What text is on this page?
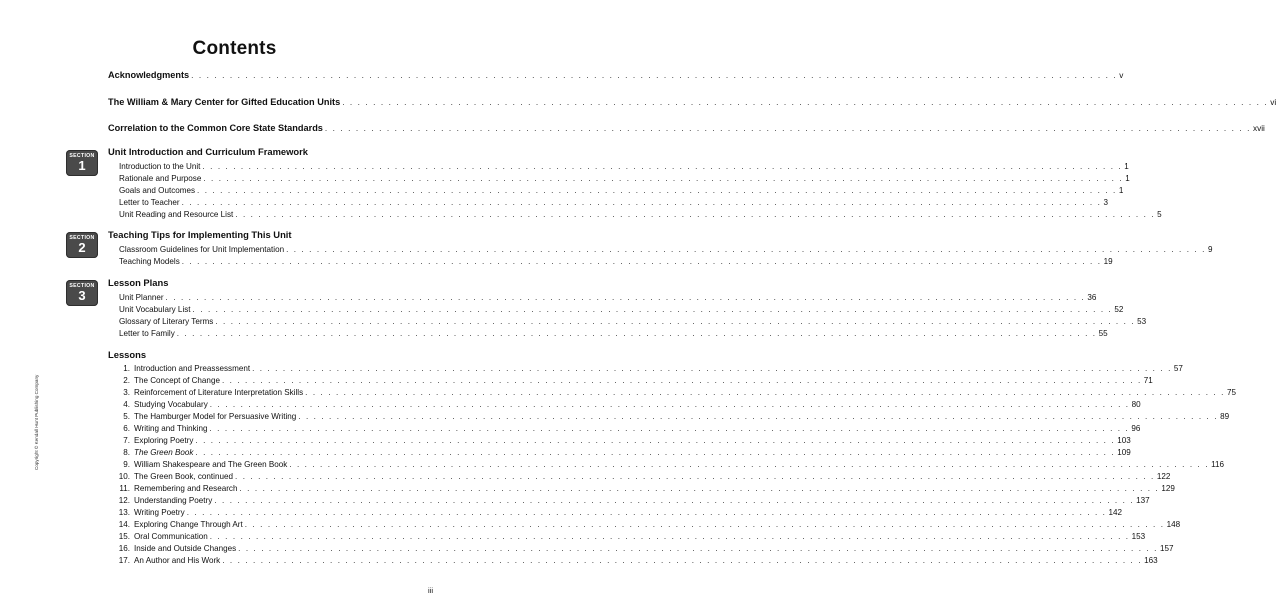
Contents
Acknowledgments . . . . . . . . . . . . . . . . . . . . . . . . . . . . . . . . . . . . . . . . . . . . . . . . . . . . . . . . . . . . . . . . . . . . . . . . . . . . . . . . . . . . . . . . . . . . . . . . . . . . . . . . . . . . . . . . . . . . . . . . v
The William & Mary Center for Gifted Education Units . . . . . . . . . . . . . . . . . . . . . . . . . . . . . . . . . . . . . . . . . . . . . . . . . . . . . . . . . . . . . . . . . . . . . . . . . . . . . . . . . . . . . . . . . . . . . . . . . . . . . . . . . . . . . . . . . . . . . . . . vi
Correlation to the Common Core State Standards . . . . . . . . . . . . . . . . . . . . . . . . . . . . . . . . . . . . . . . . . . . . . . . . . . . . . . . . . . . . . . . . . . . . . . . . . . . . . . . . . . . . . . . . . . . . . . . . . . . . . . . . . . . . . . . . . . . . . . . . xvii
SECTION
1
Unit Introduction and Curriculum Framework
Introduction to the Unit . . . . . . . . . . . . . . . . . . . . . . . . . . . . . . . . . . . . . . . . . . . . . . . . . . . . . . . . . . . . . . . . . . . . . . . . . . . . . . . . . . . . . . . . . . . . . . . . . . . . . . . . . . . . . . . . . . . . . . . . 1
Rationale and Purpose . . . . . . . . . . . . . . . . . . . . . . . . . . . . . . . . . . . . . . . . . . . . . . . . . . . . . . . . . . . . . . . . . . . . . . . . . . . . . . . . . . . . . . . . . . . . . . . . . . . . . . . . . . . . . . . . . . . . . . . . 1
Goals and Outcomes . . . . . . . . . . . . . . . . . . . . . . . . . . . . . . . . . . . . . . . . . . . . . . . . . . . . . . . . . . . . . . . . . . . . . . . . . . . . . . . . . . . . . . . . . . . . . . . . . . . . . . . . . . . . . . . . . . . . . . . . 1
Letter to Teacher . . . . . . . . . . . . . . . . . . . . . . . . . . . . . . . . . . . . . . . . . . . . . . . . . . . . . . . . . . . . . . . . . . . . . . . . . . . . . . . . . . . . . . . . . . . . . . . . . . . . . . . . . . . . . . . . . . . . . . . . 3
Unit Reading and Resource List . . . . . . . . . . . . . . . . . . . . . . . . . . . . . . . . . . . . . . . . . . . . . . . . . . . . . . . . . . . . . . . . . . . . . . . . . . . . . . . . . . . . . . . . . . . . . . . . . . . . . . . . . . . . . . . . . . . . . . . . 5
SECTION
2
Teaching Tips for Implementing This Unit
Classroom Guidelines for Unit Implementation . . . . . . . . . . . . . . . . . . . . . . . . . . . . . . . . . . . . . . . . . . . . . . . . . . . . . . . . . . . . . . . . . . . . . . . . . . . . . . . . . . . . . . . . . . . . . . . . . . . . . . . . . . . . . . . . . . . . . . . . 9
Teaching Models . . . . . . . . . . . . . . . . . . . . . . . . . . . . . . . . . . . . . . . . . . . . . . . . . . . . . . . . . . . . . . . . . . . . . . . . . . . . . . . . . . . . . . . . . . . . . . . . . . . . . . . . . . . . . . . . . . . . . . . . 19
SECTION
3
Lesson Plans
Unit Planner . . . . . . . . . . . . . . . . . . . . . . . . . . . . . . . . . . . . . . . . . . . . . . . . . . . . . . . . . . . . . . . . . . . . . . . . . . . . . . . . . . . . . . . . . . . . . . . . . . . . . . . . . . . . . . . . . . . . . . . . 36
Unit Vocabulary List . . . . . . . . . . . . . . . . . . . . . . . . . . . . . . . . . . . . . . . . . . . . . . . . . . . . . . . . . . . . . . . . . . . . . . . . . . . . . . . . . . . . . . . . . . . . . . . . . . . . . . . . . . . . . . . . . . . . . . . . 52
Glossary of Literary Terms . . . . . . . . . . . . . . . . . . . . . . . . . . . . . . . . . . . . . . . . . . . . . . . . . . . . . . . . . . . . . . . . . . . . . . . . . . . . . . . . . . . . . . . . . . . . . . . . . . . . . . . . . . . . . . . . . . . . . . . . 53
Letter to Family . . . . . . . . . . . . . . . . . . . . . . . . . . . . . . . . . . . . . . . . . . . . . . . . . . . . . . . . . . . . . . . . . . . . . . . . . . . . . . . . . . . . . . . . . . . . . . . . . . . . . . . . . . . . . . . . . . . . . . . . 55
Lessons
1. Introduction and Preassessment . . . . . . . . . . . . . . . . . . . . . . . . . . . . . . . . . . . . . . . . . . . . . . . . . . . . . . . . . . . . . . . . . . . . . . . . . . . . . . . . . . . . . . . . . . . . . . . . . . . . . . . . . . . . . . . . . . . . . . . . 57
2. The Concept of Change . . . . . . . . . . . . . . . . . . . . . . . . . . . . . . . . . . . . . . . . . . . . . . . . . . . . . . . . . . . . . . . . . . . . . . . . . . . . . . . . . . . . . . . . . . . . . . . . . . . . . . . . . . . . . . . . . . . . . . . . 71
3. Reinforcement of Literature Interpretation Skills . . . . . . . . . . . . . . . . . . . . . . . . . . . . . . . . . . . . . . . . . . . . . . . . . . . . . . . . . . . . . . . . . . . . . . . . . . . . . . . . . . . . . . . . . . . . . . . . . . . . . . . . . . . . . . . . . . . . . . . . 75
4. Studying Vocabulary . . . . . . . . . . . . . . . . . . . . . . . . . . . . . . . . . . . . . . . . . . . . . . . . . . . . . . . . . . . . . . . . . . . . . . . . . . . . . . . . . . . . . . . . . . . . . . . . . . . . . . . . . . . . . . . . . . . . . . . . 80
5. The Hamburger Model for Persuasive Writing . . . . . . . . . . . . . . . . . . . . . . . . . . . . . . . . . . . . . . . . . . . . . . . . . . . . . . . . . . . . . . . . . . . . . . . . . . . . . . . . . . . . . . . . . . . . . . . . . . . . . . . . . . . . . . . . . . . . . . . . 89
6. Writing and Thinking . . . . . . . . . . . . . . . . . . . . . . . . . . . . . . . . . . . . . . . . . . . . . . . . . . . . . . . . . . . . . . . . . . . . . . . . . . . . . . . . . . . . . . . . . . . . . . . . . . . . . . . . . . . . . . . . . . . . . . . . 96
7. Exploring Poetry . . . . . . . . . . . . . . . . . . . . . . . . . . . . . . . . . . . . . . . . . . . . . . . . . . . . . . . . . . . . . . . . . . . . . . . . . . . . . . . . . . . . . . . . . . . . . . . . . . . . . . . . . . . . . . . . . . . . . . . . 103
8. The Green Book . . . . . . . . . . . . . . . . . . . . . . . . . . . . . . . . . . . . . . . . . . . . . . . . . . . . . . . . . . . . . . . . . . . . . . . . . . . . . . . . . . . . . . . . . . . . . . . . . . . . . . . . . . . . . . . . . . . . . . . . 109
9. William Shakespeare and The Green Book . . . . . . . . . . . . . . . . . . . . . . . . . . . . . . . . . . . . . . . . . . . . . . . . . . . . . . . . . . . . . . . . . . . . . . . . . . . . . . . . . . . . . . . . . . . . . . . . . . . . . . . . . . . . . . . . . . . . . . . . 116
10. The Green Book, continued . . . . . . . . . . . . . . . . . . . . . . . . . . . . . . . . . . . . . . . . . . . . . . . . . . . . . . . . . . . . . . . . . . . . . . . . . . . . . . . . . . . . . . . . . . . . . . . . . . . . . . . . . . . . . . . . . . . . . . . . 122
11. Remembering and Research . . . . . . . . . . . . . . . . . . . . . . . . . . . . . . . . . . . . . . . . . . . . . . . . . . . . . . . . . . . . . . . . . . . . . . . . . . . . . . . . . . . . . . . . . . . . . . . . . . . . . . . . . . . . . . . . . . . . . . . . 129
12. Understanding Poetry . . . . . . . . . . . . . . . . . . . . . . . . . . . . . . . . . . . . . . . . . . . . . . . . . . . . . . . . . . . . . . . . . . . . . . . . . . . . . . . . . . . . . . . . . . . . . . . . . . . . . . . . . . . . . . . . . . . . . . . . 137
13. Writing Poetry . . . . . . . . . . . . . . . . . . . . . . . . . . . . . . . . . . . . . . . . . . . . . . . . . . . . . . . . . . . . . . . . . . . . . . . . . . . . . . . . . . . . . . . . . . . . . . . . . . . . . . . . . . . . . . . . . . . . . . . . 142
14. Exploring Change Through Art . . . . . . . . . . . . . . . . . . . . . . . . . . . . . . . . . . . . . . . . . . . . . . . . . . . . . . . . . . . . . . . . . . . . . . . . . . . . . . . . . . . . . . . . . . . . . . . . . . . . . . . . . . . . . . . . . . . . . . . . 148
15. Oral Communication . . . . . . . . . . . . . . . . . . . . . . . . . . . . . . . . . . . . . . . . . . . . . . . . . . . . . . . . . . . . . . . . . . . . . . . . . . . . . . . . . . . . . . . . . . . . . . . . . . . . . . . . . . . . . . . . . . . . . . . . 153
16. Inside and Outside Changes . . . . . . . . . . . . . . . . . . . . . . . . . . . . . . . . . . . . . . . . . . . . . . . . . . . . . . . . . . . . . . . . . . . . . . . . . . . . . . . . . . . . . . . . . . . . . . . . . . . . . . . . . . . . . . . . . . . . . . . . 157
17. An Author and His Work . . . . . . . . . . . . . . . . . . . . . . . . . . . . . . . . . . . . . . . . . . . . . . . . . . . . . . . . . . . . . . . . . . . . . . . . . . . . . . . . . . . . . . . . . . . . . . . . . . . . . . . . . . . . . . . . . . . . . . . . 163
Copyright © Kendall Hunt Publishing Company
iii
